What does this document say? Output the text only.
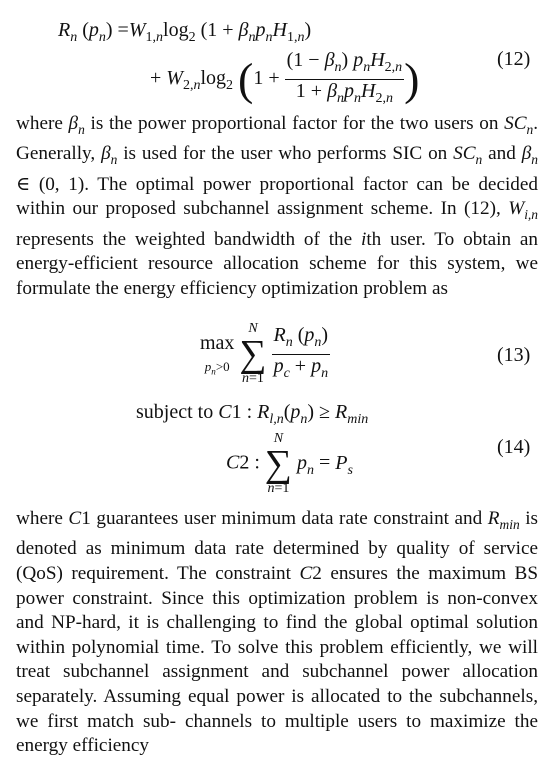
$R_n$ $(p_n) =W_{1,n}\log_2$ $(1 + \beta_np_nH_{1,n})$
+ $W_{2,n}\log_2$ ($1 + \frac{(1 - \beta_n) p_nH_{2,n}}{1 + \beta_np_nH_{2,n}}$ )	(12)

where $\beta_n$ is the power proportional factor for the two users on $SC_n$. Generally, $\beta_n$ is used for the user who performs SIC on $SC_n$ and $\beta_n$ ∈ (0, 1). The optimal power proportional factor can be decided within our proposed subchannel assignment scheme. In (12), $W_{i,n}$ represents the weighted bandwidth of the ith user. To obtain an energy-efficient resource allocation scheme for this system, we formulate the energy efficiency optimization problem as

max
$p_n>0$
N
∑
n=1
$\frac{R_n (p_n)}{p_c + p_n}$	(13)
subject to C1 : $R_{l,n}(p_n) \ge R_{min}$
C2 :
N
∑
n=1
$p_n = P_s$
(14)

where C1 guarantees user minimum data rate constraint and $R_{min}$ is denoted as minimum data rate determined by quality of service (QoS) requirement. The constraint C2 ensures the maximum BS power constraint. Since this optimization problem is non-convex and NP-hard, it is challenging to find the global optimal solution within polynomial time. To solve this problem efficiently, we will treat subchannel assignment and subchannel power allocation separately. Assuming equal power is allocated to the subchannels, we first match sub- channels to multiple users to maximize the energy efficiency
